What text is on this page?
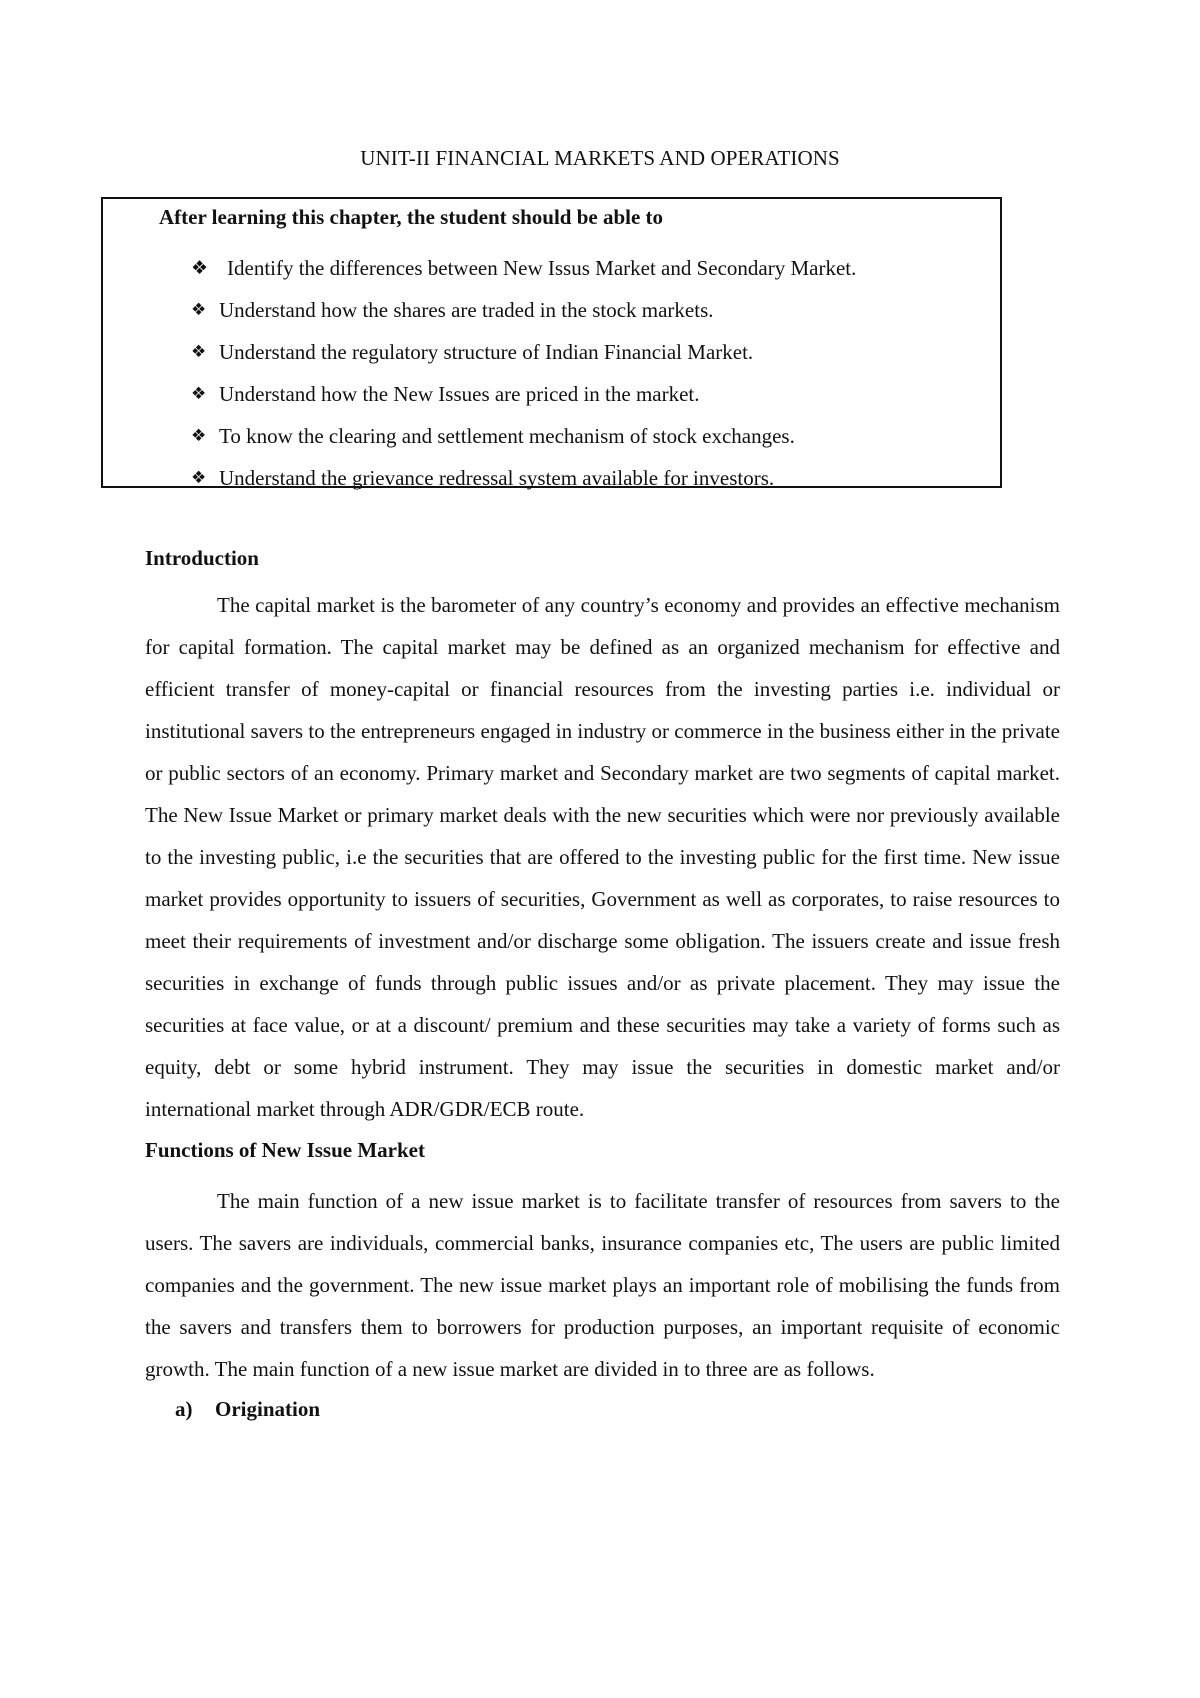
UNIT-II FINANCIAL MARKETS AND OPERATIONS
After learning this chapter, the student should be able to
❖ Identify the differences between New Issus Market and Secondary Market.
❖ Understand how the shares are traded in the stock markets.
❖ Understand the regulatory structure of Indian Financial Market.
❖ Understand how the New Issues are priced in the market.
❖ To know the clearing and settlement mechanism of stock exchanges.
❖ Understand the grievance redressal system available for investors.

Introduction

The capital market is the barometer of any country’s economy and provides an effective mechanism for capital formation. The capital market may be defined as an organized mechanism for effective and efficient transfer of money-capital or financial resources from the investing parties i.e. individual or institutional savers to the entrepreneurs engaged in industry or commerce in the business either in the private or public sectors of an economy. Primary market and Secondary market are two segments of capital market. The New Issue Market or primary market deals with the new securities which were nor previously available to the investing public, i.e the securities that are offered to the investing public for the first time. New issue market provides opportunity to issuers of securities, Government as well as corporates, to raise resources to meet their requirements of investment and/or discharge some obligation. The issuers create and issue fresh securities in exchange of funds through public issues and/or as private placement. They may issue the securities at face value, or at a discount/ premium and these securities may take a variety of forms such as equity, debt or some hybrid instrument. They may issue the securities in domestic market and/or international market through ADR/GDR/ECB route.

Functions of New Issue Market

The main function of a new issue market is to facilitate transfer of resources from savers to the users. The savers are individuals, commercial banks, insurance companies etc, The users are public limited companies and the government. The new issue market plays an important role of mobilising the funds from the savers and transfers them to borrowers for production purposes, an important requisite of economic growth. The main function of a new issue market are divided in to three are as follows.

a) Origination
